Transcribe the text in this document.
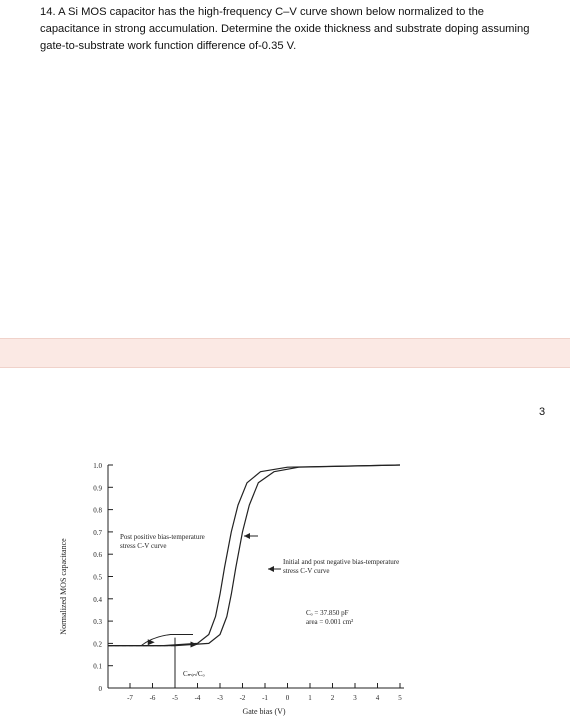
14. A Si MOS capacitor has the high-frequency C–V curve shown below normalized to the capacitance in strong accumulation. Determine the oxide thickness and substrate doping assuming gate-to-substrate work function difference of-0.35 V.
3
0
0.1
0.2
0.3
0.4
0.5
0.6
0.7
0.8
0.9
1.0
-7 -6 -5 -4 -3 -2 -1	0	1	2	3	4	5
Gate bias (V)
Normalized MOS capacitance
Post positive bias-temperature
stress C-V curve
Initial and post negative bias-temperature
stress C-V curve
Cₒ = 37.850 pF
area = 0.001 cm²
Cₘᵢₙ/Cₒ
